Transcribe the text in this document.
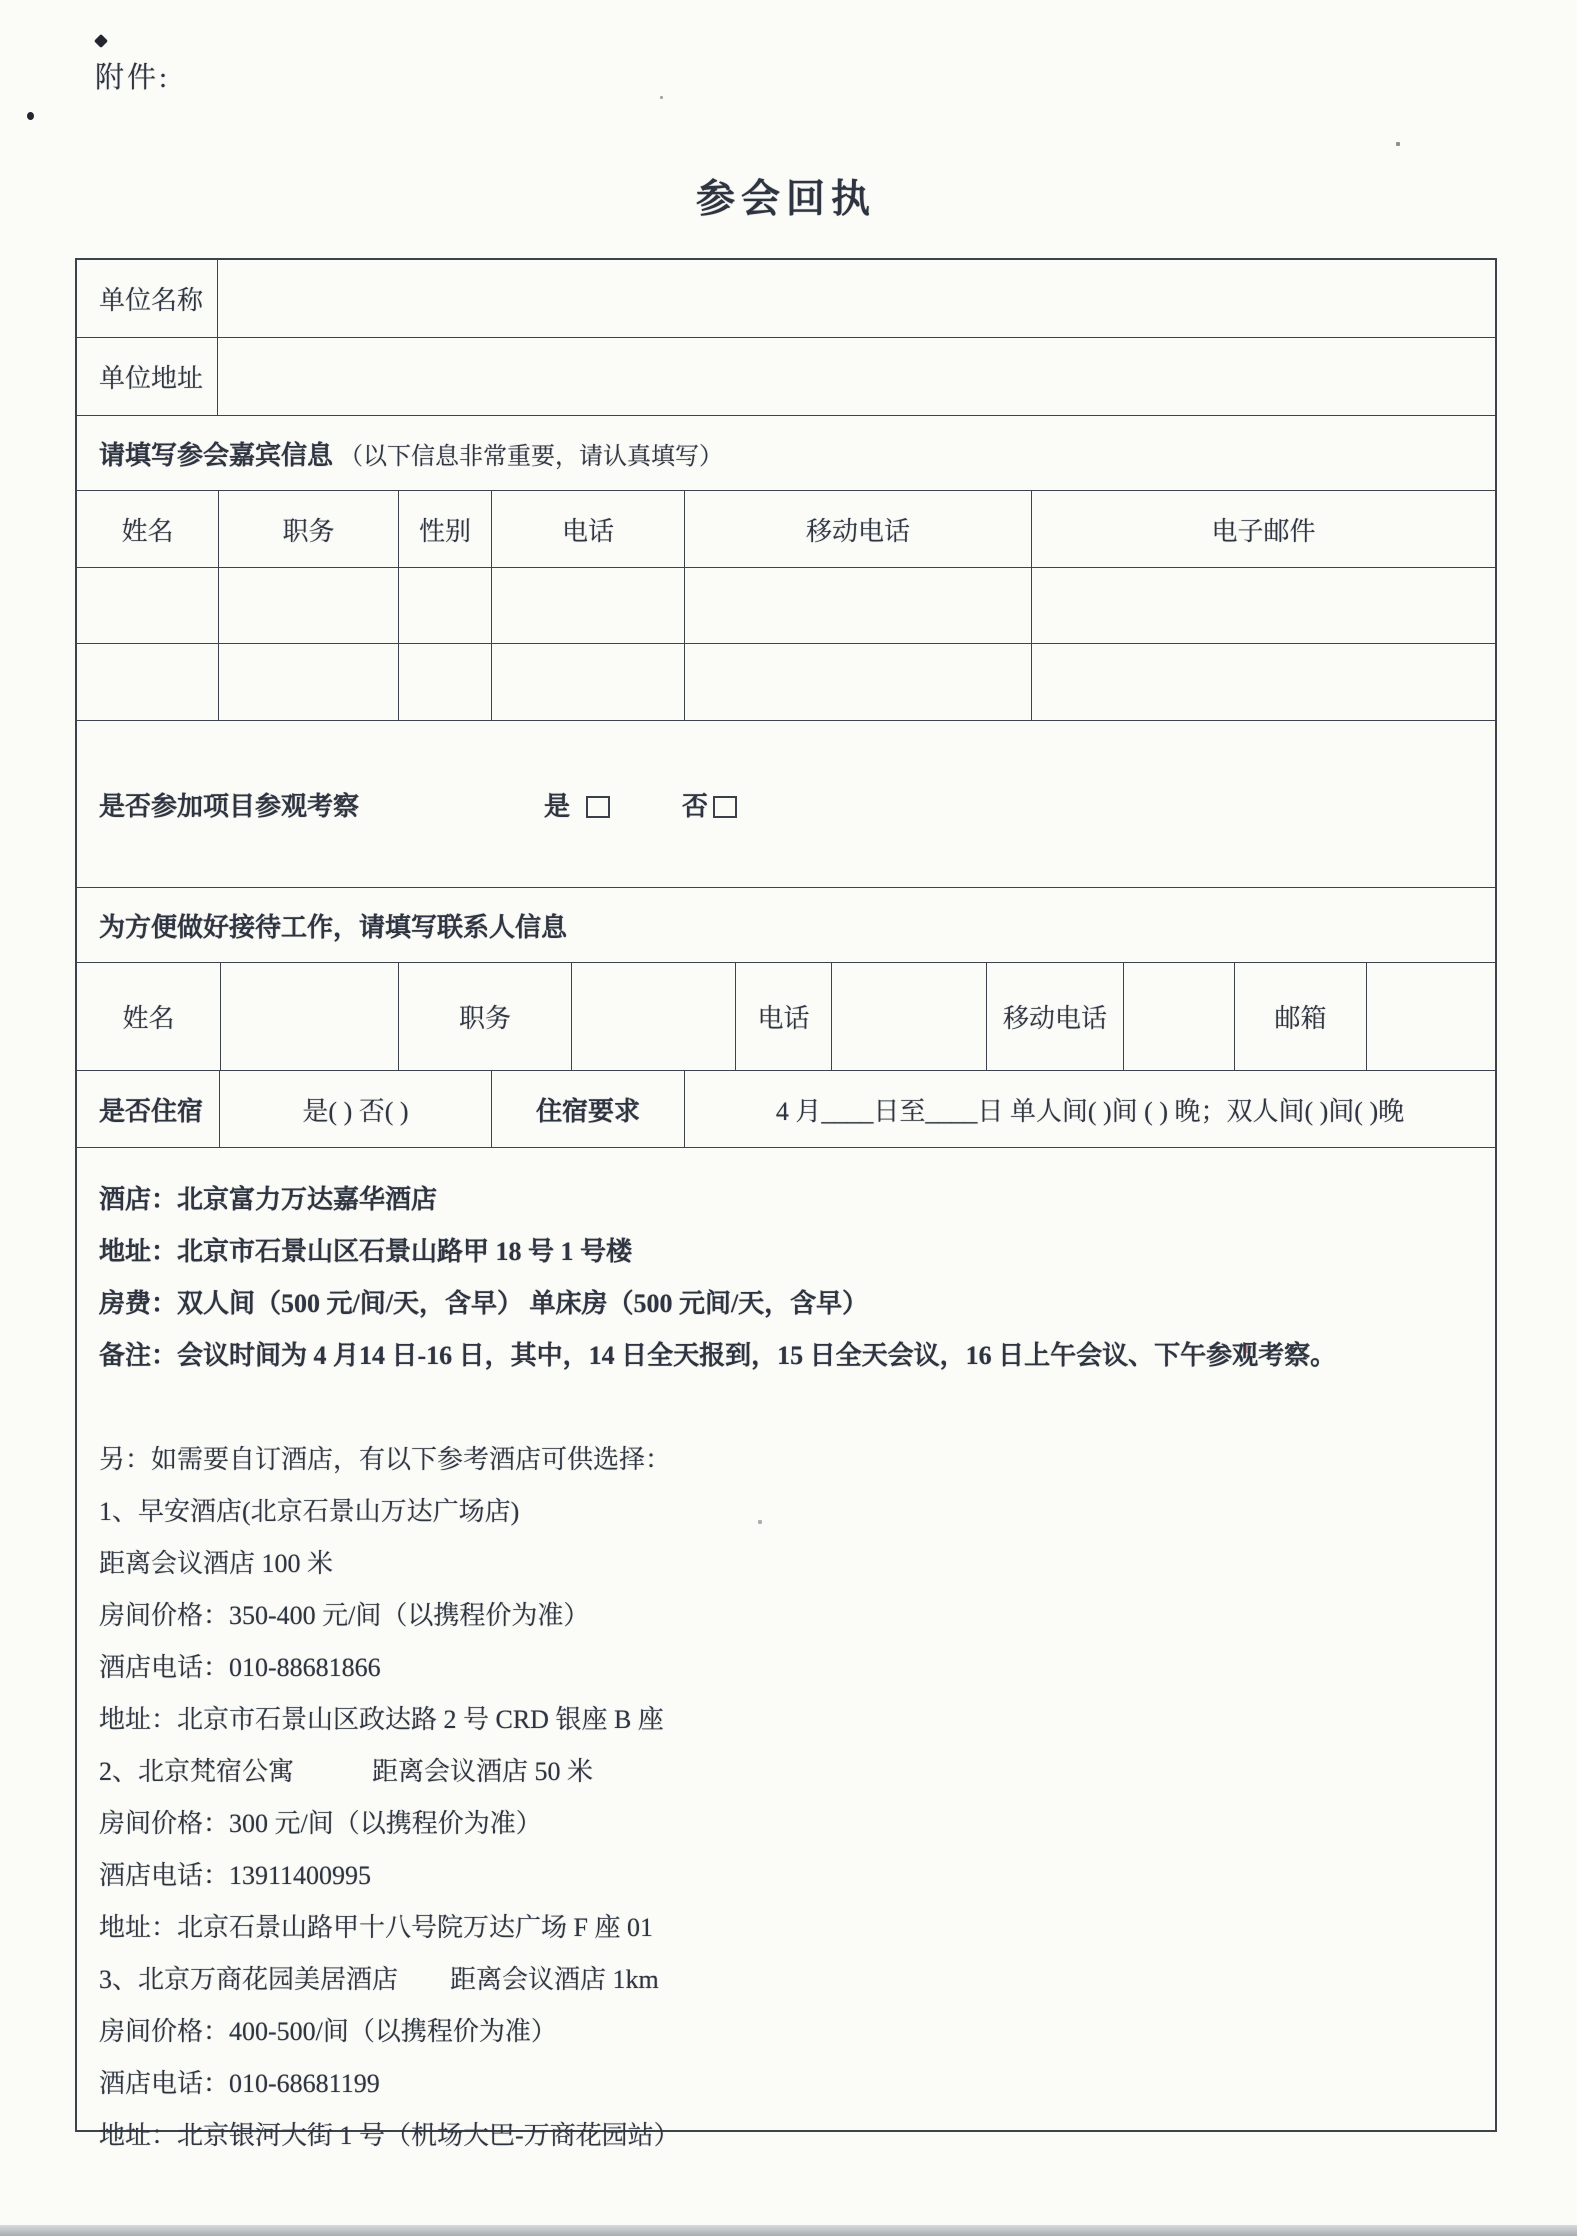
附件:
参会回执
单位名称
单位地址
请填写参会嘉宾信息 （以下信息非常重要，请认真填写）
姓名	职务	性别	电话	移动电话	电子邮件
是否参加项目参观考察	是	否
为方便做好接待工作，请填写联系人信息
姓名	职务	电话	移动电话	邮箱
是否住宿	是( ) 否( )	住宿要求	4 月____日至____日 单人间( )间 ( ) 晚；双人间( )间( )晚
酒店：北京富力万达嘉华酒店
地址：北京市石景山区石景山路甲 18 号 1 号楼
房费：双人间（500 元/间/天，含早） 单床房（500 元间/天，含早）
备注：会议时间为 4 月14 日-16 日，其中，14 日全天报到，15 日全天会议，16 日上午会议、下午参观考察。
另：如需要自订酒店，有以下参考酒店可供选择：
1、早安酒店(北京石景山万达广场店)
距离会议酒店 100 米
房间价格：350-400 元/间（以携程价为准）
酒店电话：010-88681866
地址：北京市石景山区政达路 2 号 CRD 银座 B 座
2、北京梵宿公寓　　　距离会议酒店 50 米
房间价格：300 元/间（以携程价为准）
酒店电话：13911400995
地址：北京石景山路甲十八号院万达广场 F 座 01
3、北京万商花园美居酒店　　距离会议酒店 1km
房间价格：400-500/间（以携程价为准）
酒店电话：010-68681199
地址：北京银河大街 1 号（机场大巴-万商花园站）
